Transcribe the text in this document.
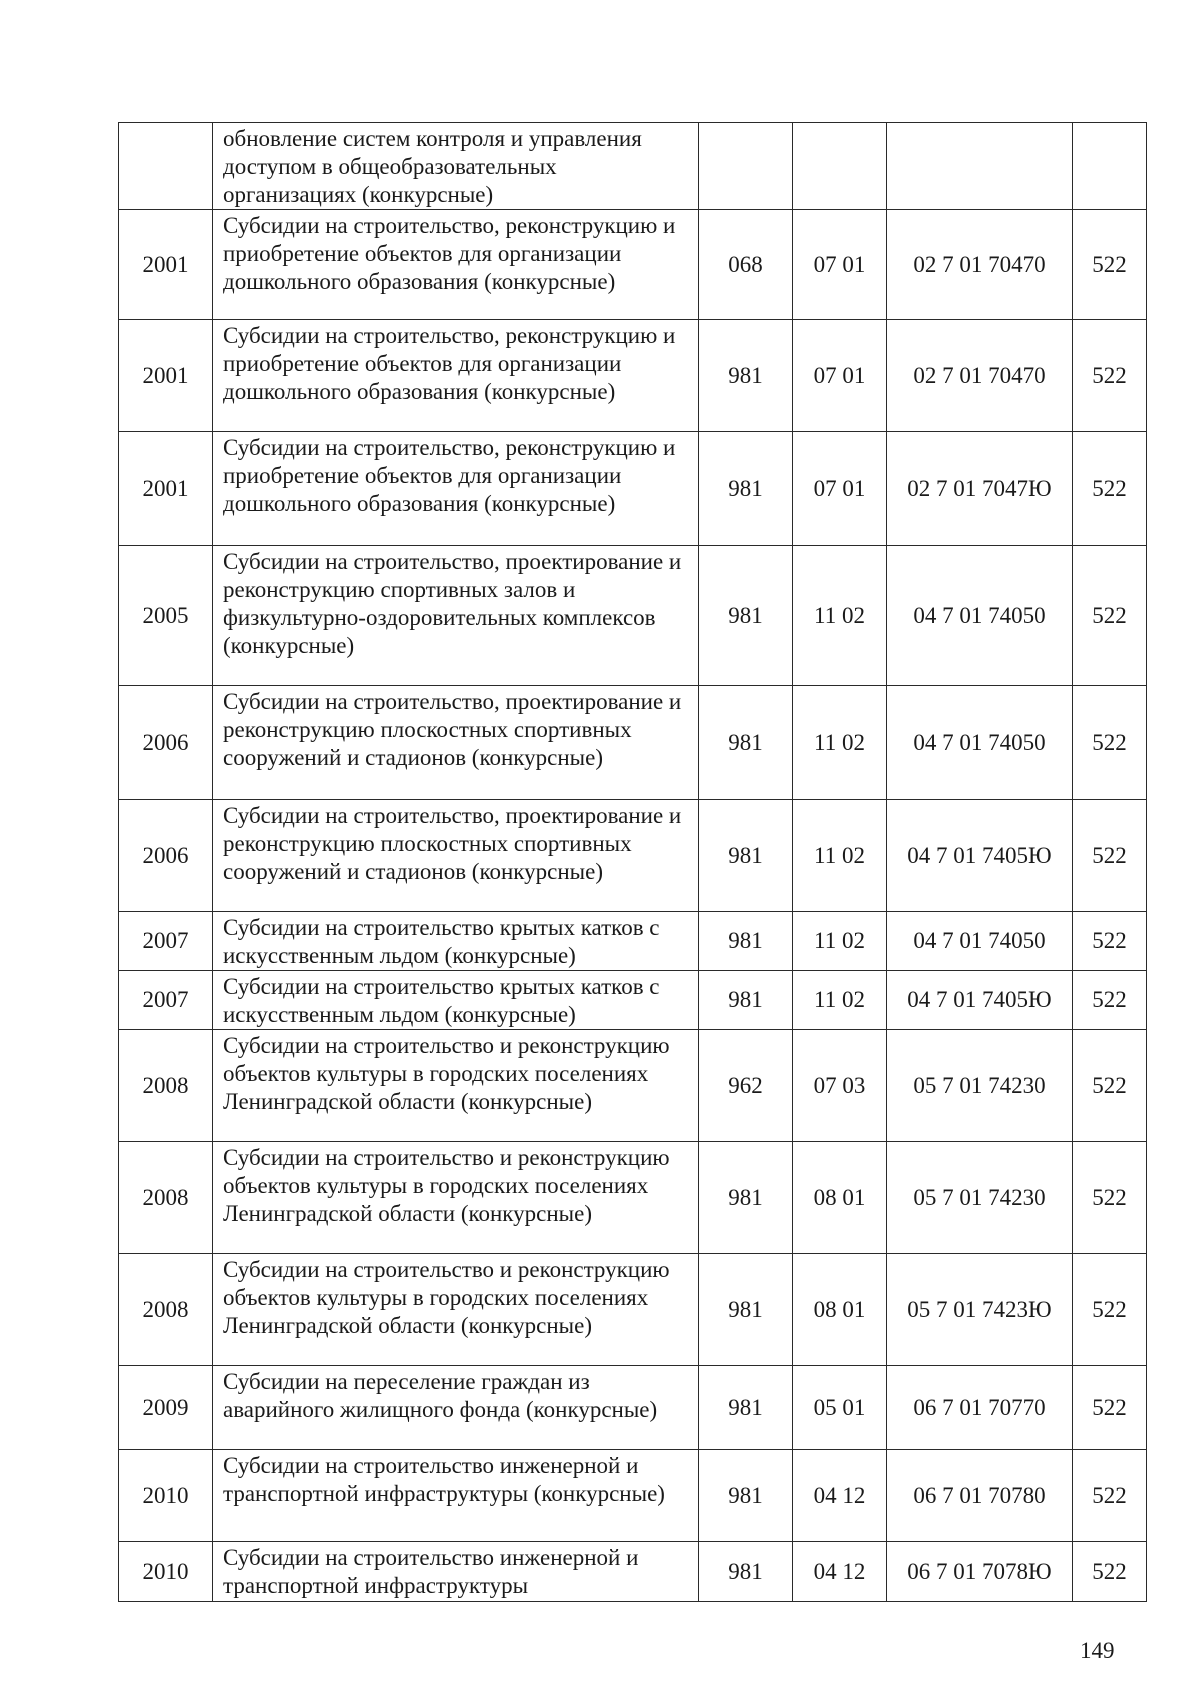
	обновление систем контроля и управления доступом в общеобразовательных организациях (конкурсные)				
2001	Субсидии на строительство, реконструкцию и приобретение объектов для организации дошкольного образования (конкурсные)	068	07 01	02 7 01 70470	522
2001	Субсидии на строительство, реконструкцию и приобретение объектов для организации дошкольного образования (конкурсные)	981	07 01	02 7 01 70470	522
2001	Субсидии на строительство, реконструкцию и приобретение объектов для организации дошкольного образования (конкурсные)	981	07 01	02 7 01 7047Ю	522
2005	Субсидии на строительство, проектирование и реконструкцию спортивных залов и физкультурно-оздоровительных комплексов (конкурсные)	981	11 02	04 7 01 74050	522
2006	Субсидии на строительство, проектирование и реконструкцию плоскостных спортивных сооружений и стадионов (конкурсные)	981	11 02	04 7 01 74050	522
2006	Субсидии на строительство, проектирование и реконструкцию плоскостных спортивных сооружений и стадионов (конкурсные)	981	11 02	04 7 01 7405Ю	522
2007	Субсидии на строительство крытых катков с искусственным льдом (конкурсные)	981	11 02	04 7 01 74050	522
2007	Субсидии на строительство крытых катков с искусственным льдом (конкурсные)	981	11 02	04 7 01 7405Ю	522
2008	Субсидии на строительство и реконструкцию объектов культуры в городских поселениях Ленинградской области (конкурсные)	962	07 03	05 7 01 74230	522
2008	Субсидии на строительство и реконструкцию объектов культуры в городских поселениях Ленинградской области (конкурсные)	981	08 01	05 7 01 74230	522
2008	Субсидии на строительство и реконструкцию объектов культуры в городских поселениях Ленинградской области (конкурсные)	981	08 01	05 7 01 7423Ю	522
2009	Субсидии на переселение граждан из аварийного жилищного фонда (конкурсные)	981	05 01	06 7 01 70770	522
2010	Субсидии на строительство инженерной и транспортной инфраструктуры (конкурсные)	981	04 12	06 7 01 70780	522
2010	Субсидии на строительство инженерной и транспортной инфраструктуры	981	04 12	06 7 01 7078Ю	522
149
